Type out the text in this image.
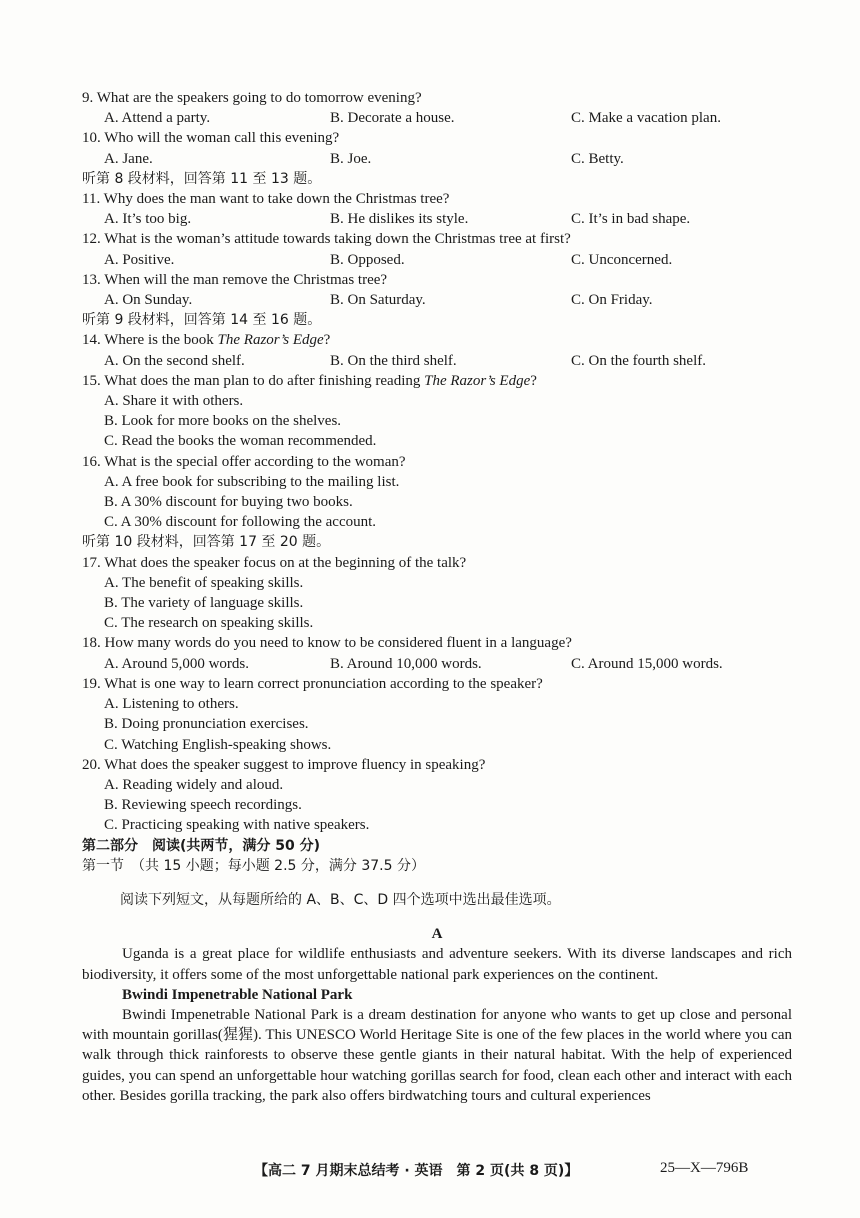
9. What are the speakers going to do tomorrow evening?

A. Attend a party.	B. Decorate a house.	C. Make a vacation plan.

10. Who will the woman call this evening?

A. Jane.	B. Joe.	C. Betty.

听第 8 段材料，回答第 11 至 13 题。

11. Why does the man want to take down the Christmas tree?

A. It’s too big.	B. He dislikes its style.	C. It’s in bad shape.

12. What is the woman’s attitude towards taking down the Christmas tree at first?

A. Positive.	B. Opposed.	C. Unconcerned.

13. When will the man remove the Christmas tree?

A. On Sunday.	B. On Saturday.	C. On Friday.

听第 9 段材料，回答第 14 至 16 题。

14. Where is the book The Razor’s Edge?

A. On the second shelf.	B. On the third shelf.	C. On the fourth shelf.

15. What does the man plan to do after finishing reading The Razor’s Edge?

A. Share it with others.
B. Look for more books on the shelves.
C. Read the books the woman recommended.

16. What is the special offer according to the woman?

A. A free book for subscribing to the mailing list.
B. A 30% discount for buying two books.
C. A 30% discount for following the account.

听第 10 段材料，回答第 17 至 20 题。

17. What does the speaker focus on at the beginning of the talk?

A. The benefit of speaking skills.
B. The variety of language skills.
C. The research on speaking skills.

18. How many words do you need to know to be considered fluent in a language?

A. Around 5,000 words.	B. Around 10,000 words.	C. Around 15,000 words.

19. What is one way to learn correct pronunciation according to the speaker?

A. Listening to others.
B. Doing pronunciation exercises.
C. Watching English-speaking shows.

20. What does the speaker suggest to improve fluency in speaking?

A. Reading widely and aloud.
B. Reviewing speech recordings.
C. Practicing speaking with native speakers.

第二部分　阅读(共两节，满分 50 分)

第一节　（共 15 小题；每小题 2.5 分，满分 37.5 分）

阅读下列短文，从每题所给的 A、B、C、D 四个选项中选出最佳选项。

A

Uganda is a great place for wildlife enthusiasts and adventure seekers. With its diverse landscapes and rich biodiversity, it offers some of the most unforgettable national park experiences on the continent.

Bwindi Impenetrable National Park

Bwindi Impenetrable National Park is a dream destination for anyone who wants to get up close and personal with mountain gorillas(猩猩). This UNESCO World Heritage Site is one of the few places in the world where you can walk through thick rainforests to observe these gentle giants in their natural habitat. With the help of experienced guides, you can spend an unforgettable hour watching gorillas search for food, clean each other and interact with each other. Besides gorilla tracking, the park also offers birdwatching tours and cultural experiences

【高二 7 月期末总结考 · 英语　第 2 页(共 8 页)】	25—X—796B
